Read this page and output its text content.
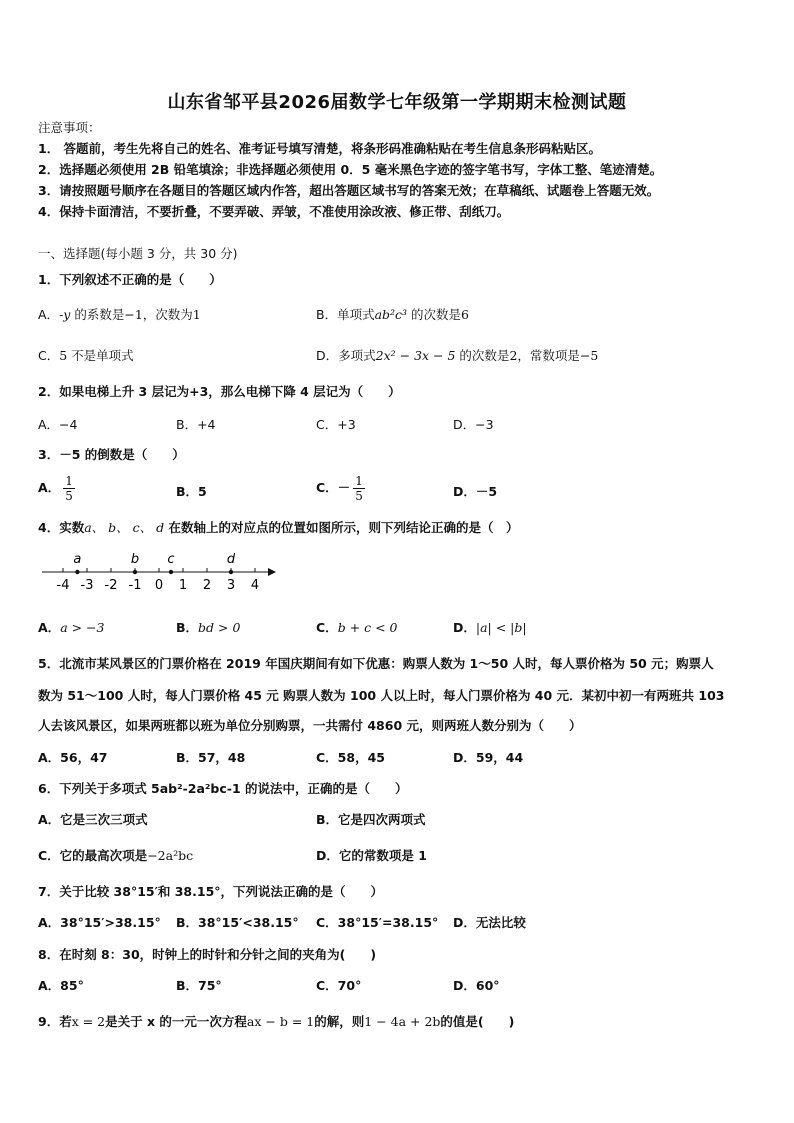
山东省邹平县2026届数学七年级第一学期期末检测试题
注意事项：
1． 答题前，考生先将自己的姓名、准考证号填写清楚，将条形码准确粘贴在考生信息条形码粘贴区。
2．选择题必须使用 2B 铅笔填涂；非选择题必须使用 0．5 毫米黑色字迹的签字笔书写，字体工整、笔迹清楚。
3．请按照题号顺序在各题目的答题区域内作答，超出答题区域书写的答案无效；在草稿纸、试题卷上答题无效。
4．保持卡面清洁，不要折叠，不要弄破、弄皱，不准使用涂改液、修正带、刮纸刀。
一、选择题(每小题 3 分，共 30 分)
1．下列叙述不正确的是（　　）
A．-y 的系数是−1，次数为1	B．单项式ab²c³ 的次数是6
C．5 不是单项式	D．多项式2x² − 3x − 5 的次数是2，常数项是−5
2．如果电梯上升 3 层记为+3，那么电梯下降 4 层记为（　　）
A．−4	B．+4	C．+3	D．−3
3．－5 的倒数是（　　）
A． $\frac{1}{5}$	B．5	C．－ $\frac{1}{5}$	D．－5
4．实数a、 b、 c、 d 在数轴上的对应点的位置如图所示，则下列结论正确的是（　）
-4 -3 -2 -1 0 1 2 3 4
a	b c	d
A．a > −3	B．bd > 0	C．b + c < 0	D．|a| < |b|
5．北流市某风景区的门票价格在 2019 年国庆期间有如下优惠：购票人数为 1～50 人时，每人票价格为 50 元；购票人
数为 51～100 人时，每人门票价格 45 元 购票人数为 100 人以上时，每人门票价格为 40 元．某初中初一有两班共 103
人去该风景区，如果两班都以班为单位分别购票，一共需付 4860 元，则两班人数分别为（　　）
A．56，47	B．57，48	C．58，45	D．59，44
6．下列关于多项式 5ab²-2a²bc-1 的说法中，正确的是（　　）
A．它是三次三项式	B．它是四次两项式
C．它的最高次项是−2a²bc	D．它的常数项是 1
7．关于比较 38°15′和 38.15°，下列说法正确的是（　　）
A．38°15′>38.15° B．38°15′<38.15° C．38°15′=38.15° D．无法比较
8．在时刻 8：30，时钟上的时针和分针之间的夹角为(　　)
A．85°	B．75°	C．70°	D．60°
9．若x = 2是关于 x 的一元一次方程ax − b = 1的解，则1 − 4a + 2b的值是(　　)
